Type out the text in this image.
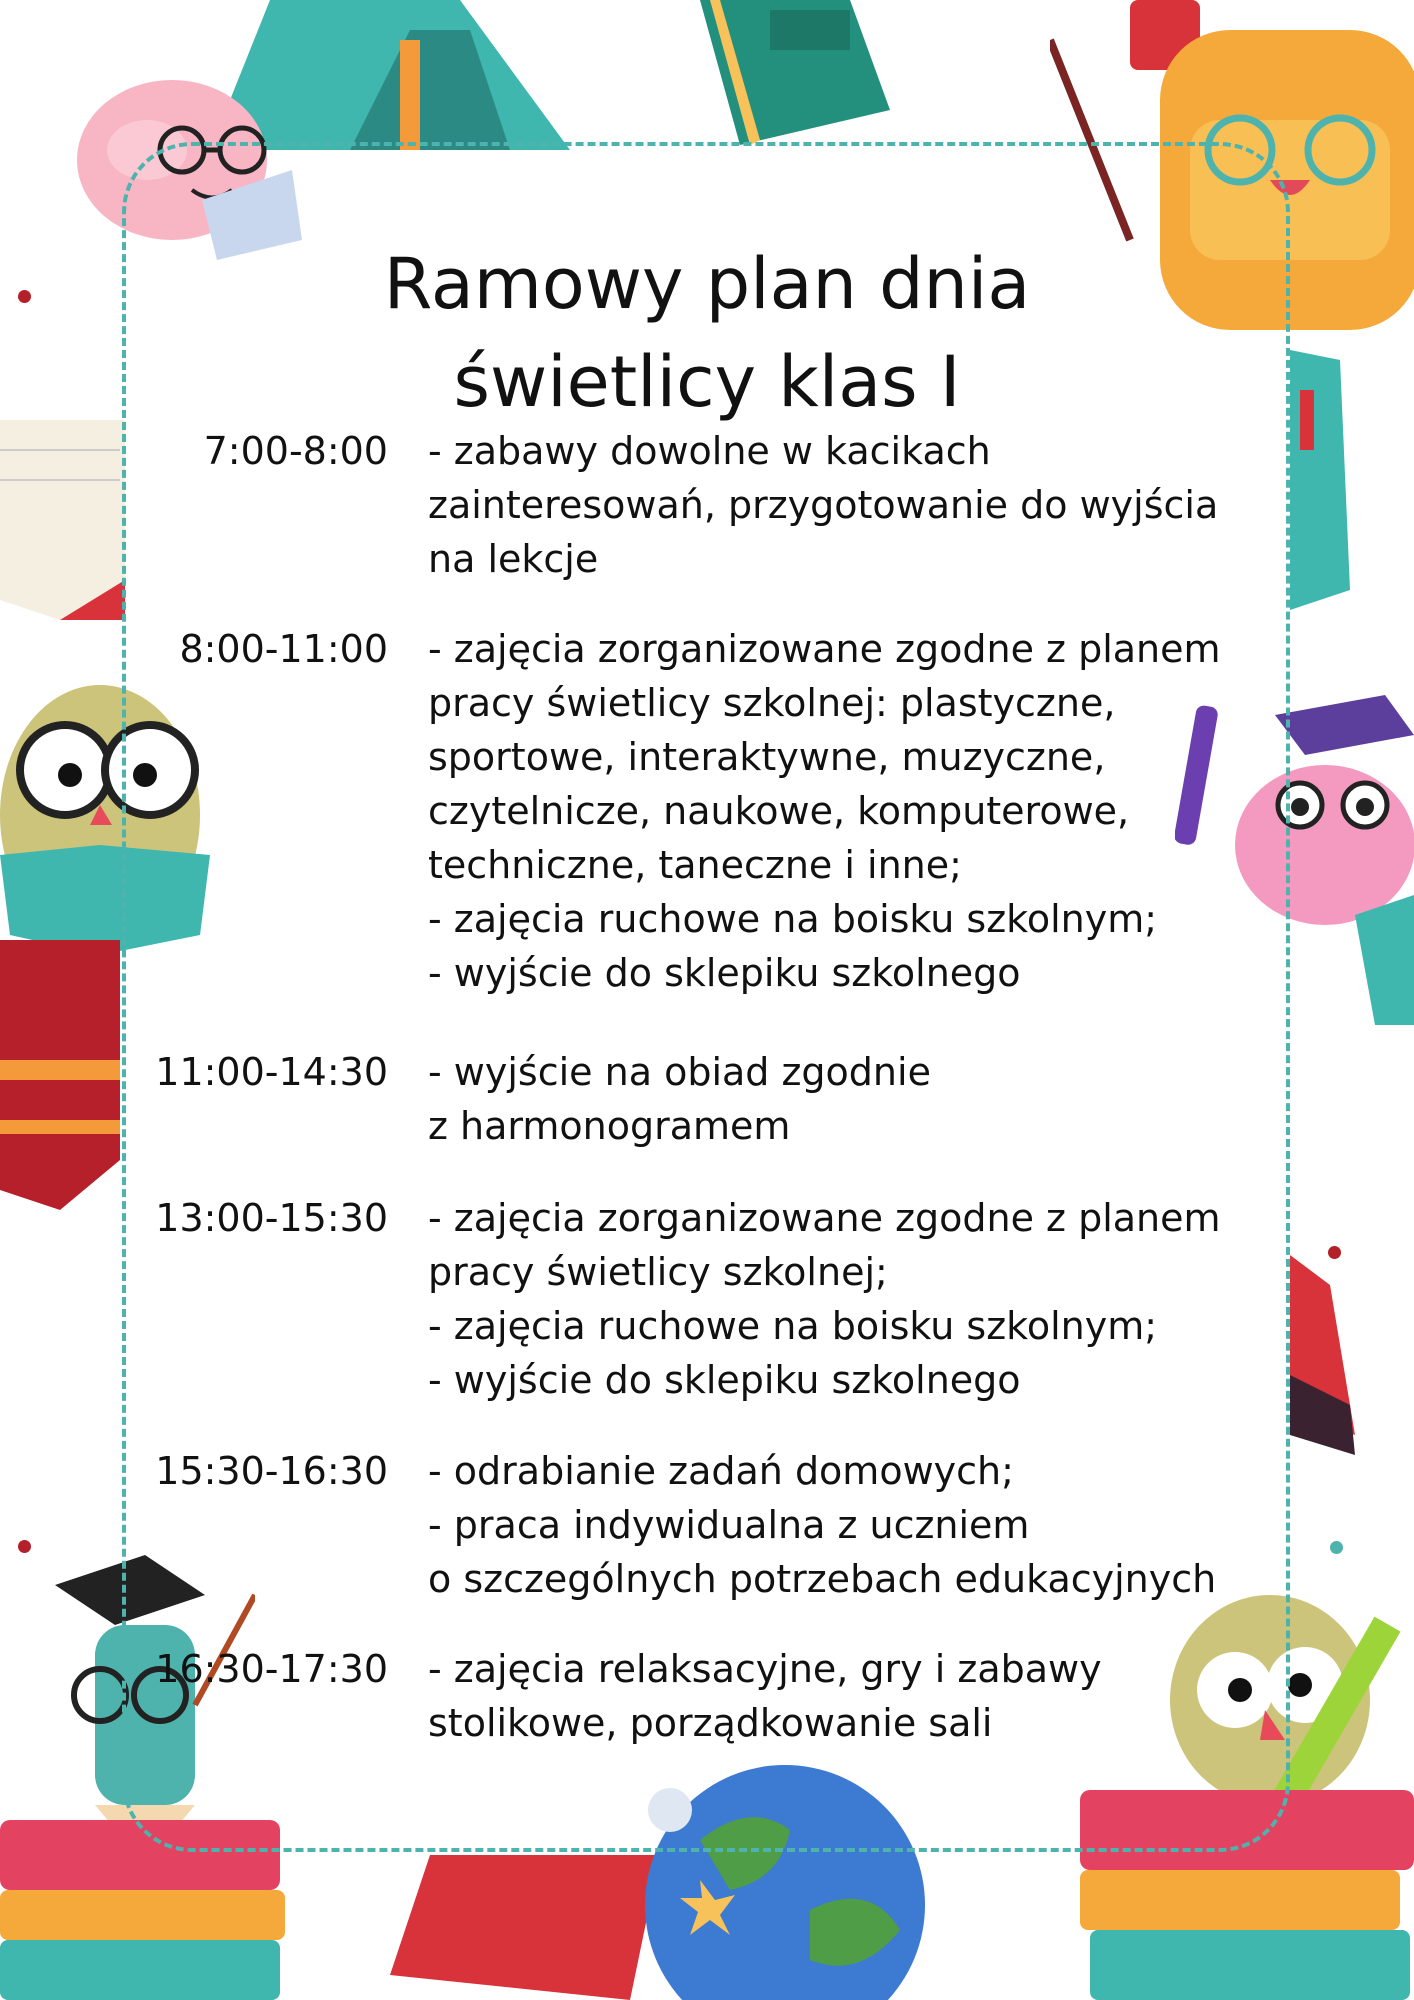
Ramowy plan dnia
świetlicy klas I
7:00-8:00 - zabawy dowolne w kacikach
zainteresowań, przygotowanie do wyjścia
na lekcje
8:00-11:00 - zajęcia zorganizowane zgodne z planem
pracy świetlicy szkolnej: plastyczne,
sportowe, interaktywne, muzyczne,
czytelnicze, naukowe, komputerowe,
techniczne, taneczne i inne;
- zajęcia ruchowe na boisku szkolnym;
- wyjście do sklepiku szkolnego
11:00-14:30 - wyjście na obiad zgodnie
z harmonogramem
13:00-15:30 - zajęcia zorganizowane zgodne z planem
pracy świetlicy szkolnej;
- zajęcia ruchowe na boisku szkolnym;
- wyjście do sklepiku szkolnego
15:30-16:30 - odrabianie zadań domowych;
- praca indywidualna z uczniem
o szczególnych potrzebach edukacyjnych
16:30-17:30 - zajęcia relaksacyjne, gry i zabawy
stolikowe, porządkowanie sali
